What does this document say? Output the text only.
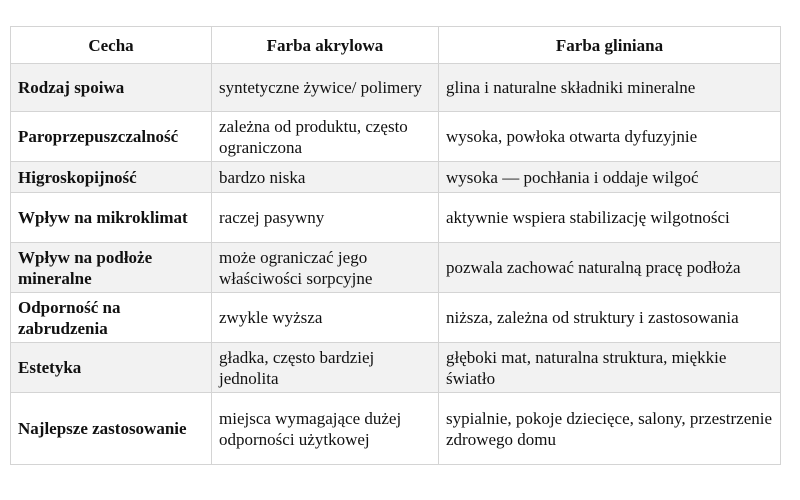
Cecha	Farba akrylowa	Farba gliniana
Rodzaj spoiwa	syntetyczne żywice/ polimery	glina i naturalne składniki mineralne
Paroprzepuszczalność	zależna od produktu, często ograniczona	wysoka, powłoka otwarta dyfuzyjnie
Higroskopijność	bardzo niska	wysoka — pochłania i oddaje wilgoć
Wpływ na mikroklimat	raczej pasywny	aktywnie wspiera stabilizację wilgotności
Wpływ na podłoże mineralne	może ograniczać jego właściwości sorpcyjne	pozwala zachować naturalną pracę podłoża
Odporność na zabrudzenia	zwykle wyższa	niższa, zależna od struktury i zastosowania
Estetyka	gładka, często bardziej jednolita	głęboki mat, naturalna struktura, miękkie światło
Najlepsze zastosowanie	miejsca wymagające dużej odporności użytkowej	sypialnie, pokoje dziecięce, salony, przestrzenie zdrowego domu
